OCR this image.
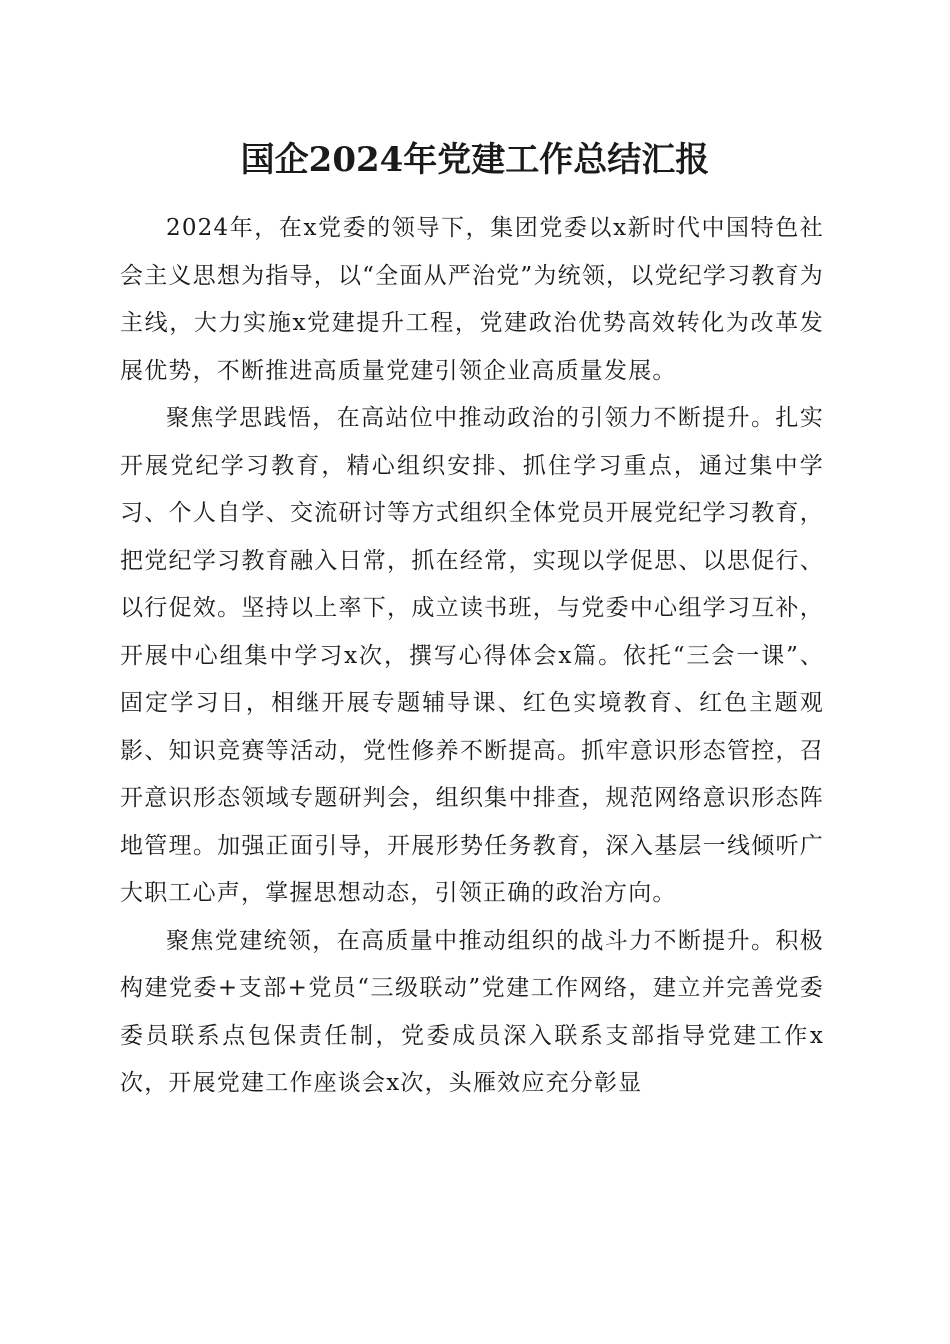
国企2024年党建工作总结汇报

2024年，在x党委的领导下，集团党委以x新时代中国特色社会主义思想为指导，以“全面从严治党”为统领，以党纪学习教育为主线，大力实施x党建提升工程，党建政治优势高效转化为改革发展优势，不断推进高质量党建引领企业高质量发展。

聚焦学思践悟，在高站位中推动政治的引领力不断提升。扎实开展党纪学习教育，精心组织安排、抓住学习重点，通过集中学习、个人自学、交流研讨等方式组织全体党员开展党纪学习教育，把党纪学习教育融入日常，抓在经常，实现以学促思、以思促行、以行促效。坚持以上率下，成立读书班，与党委中心组学习互补，开展中心组集中学习x次，撰写心得体会x篇。依托“三会一课”、固定学习日，相继开展专题辅导课、红色实境教育、红色主题观影、知识竞赛等活动，党性修养不断提高。抓牢意识形态管控，召开意识形态领域专题研判会，组织集中排查，规范网络意识形态阵地管理。加强正面引导，开展形势任务教育，深入基层一线倾听广大职工心声，掌握思想动态，引领正确的政治方向。

聚焦党建统领，在高质量中推动组织的战斗力不断提升。积极构建党委+支部+党员“三级联动”党建工作网络，建立并完善党委委员联系点包保责任制，党委成员深入联系支部指导党建工作x次，开展党建工作座谈会x次，头雁效应充分彰显
